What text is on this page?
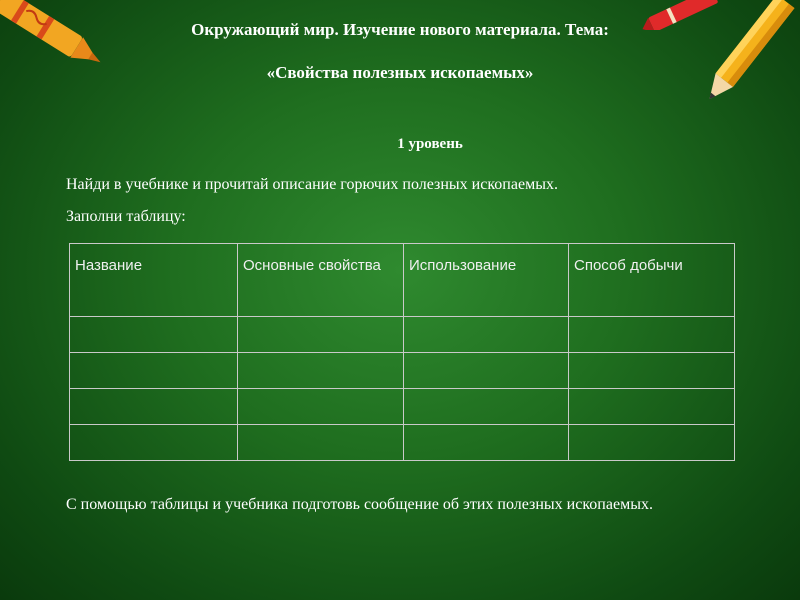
Окружающий мир. Изучение нового материала. Тема:
«Свойства полезных ископаемых»
1 уровень
Найди в учебнике и прочитай описание горючих полезных ископаемых.
Заполни таблицу:
Название	Основные свойства	Использование	Способ добычи

С помощью таблицы и учебника подготовь сообщение об этих полезных ископаемых.
